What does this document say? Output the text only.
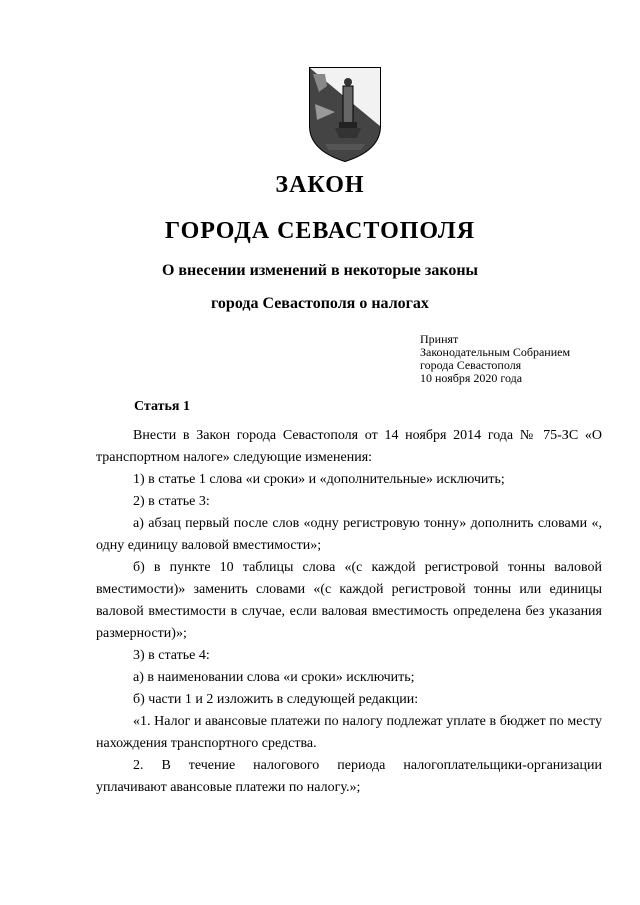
ЗАКОН
ГОРОДА СЕВАСТОПОЛЯ
О внесении изменений в некоторые законы
города Севастополя о налогах
Принят
Законодательным Собранием
города Севастополя
10 ноября 2020 года
Статья 1

Внести в Закон города Севастополя от 14 ноября 2014 года № 75-ЗС «О транспортном налоге» следующие изменения:

1) в статье 1 слова «и сроки» и «дополнительные» исключить;

2) в статье 3:

а) абзац первый после слов «одну регистровую тонну» дополнить словами «, одну единицу валовой вместимости»;

б) в пункте 10 таблицы слова «(с каждой регистровой тонны валовой вместимости)» заменить словами «(с каждой регистровой тонны или единицы валовой вместимости в случае, если валовая вместимость определена без указания размерности)»;

3) в статье 4:

а) в наименовании слова «и сроки» исключить;

б) части 1 и 2 изложить в следующей редакции:

«1. Налог и авансовые платежи по налогу подлежат уплате в бюджет по месту нахождения транспортного средства.

2. В течение налогового периода налогоплательщики-организации уплачивают авансовые платежи по налогу.»;
